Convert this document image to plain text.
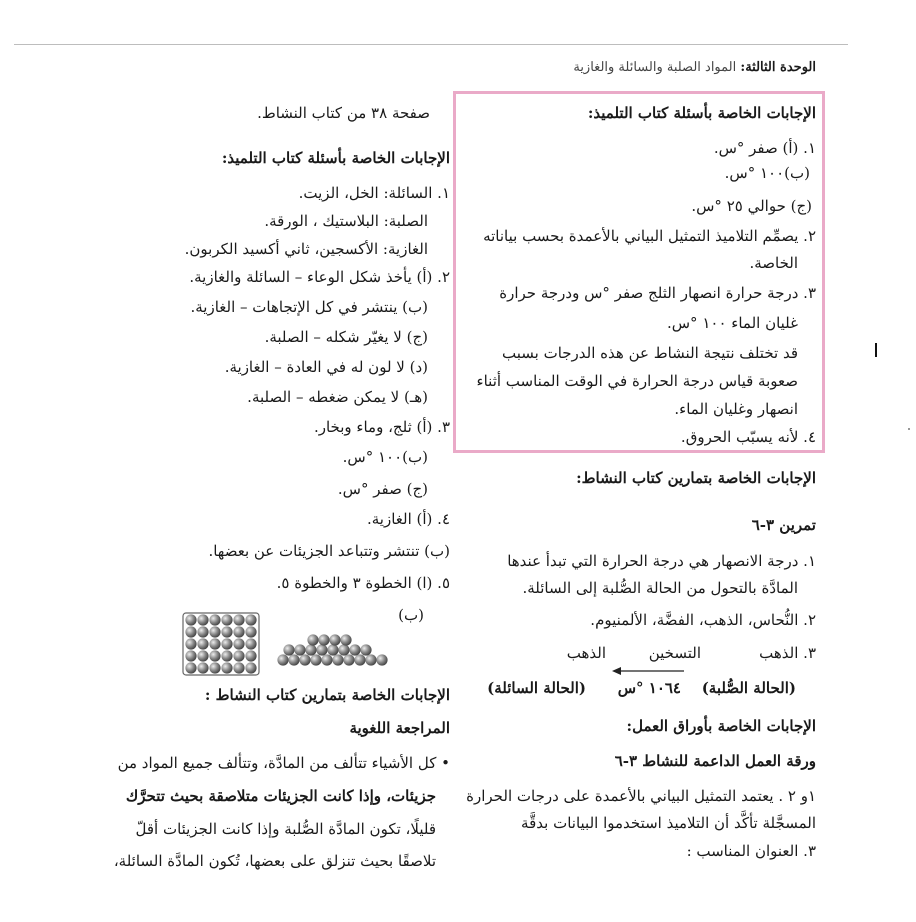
الوحدة الثالثة: المواد الصلبة والسائلة والغازية
الإجابات الخاصة بأسئلة كتاب التلميذ:
١. (أ) صفر °س.
(ب)١٠٠ °س.
(ج) حوالي ٢٥ °س.
٢. يصمِّم التلاميذ التمثيل البياني بالأعمدة بحسب بياناته
الخاصة.
٣. درجة حرارة انصهار الثلج صفر °س ودرجة حرارة
غليان الماء ١٠٠ °س.
قد تختلف نتيجة النشاط عن هذه الدرجات بسبب
صعوبة قياس درجة الحرارة في الوقت المناسب أثناء
انصهار وغليان الماء.
٤. لأنه يسبّب الحروق.
الإجابات الخاصة بتمارين كتاب النشاط:
تمرين ٣-٦
١. درجة الانصهار هي درجة الحرارة التي تبدأ عندها
المادَّة بالتحول من الحالة الصُّلبة إلى السائلة.
٢. النُّحاس، الذهب، الفضَّة، الألمنيوم.
٣. الذهب
التسخين
الذهب
(الحالة الصُّلبة)
١٠٦٤ °س
(الحالة السائلة)
الإجابات الخاصة بأوراق العمل:
ورقة العمل الداعمة للنشاط ٣-٦
١و ٢ . يعتمد التمثيل البياني بالأعمدة على درجات الحرارة
المسجَّلة تأكَّد أن التلاميذ استخدموا البيانات بدقَّة
٣. العنوان المناسب :
صفحة ٣٨ من كتاب النشاط.
الإجابات الخاصة بأسئلة كتاب التلميذ:
١. السائلة: الخل، الزيت.
الصلبة: البلاستيك ، الورقة.
الغازية: الأكسجين، ثاني أكسيد الكربون.
٢. (أ) يأخذ شكل الوعاء – السائلة والغازية.
(ب) ينتشر في كل الإتجاهات – الغازية.
(ج) لا يغيّر شكله – الصلبة.
(د) لا لون له في العادة – الغازية.
(هـ) لا يمكن ضغطه – الصلبة.
٣. (أ) ثلج، وماء وبخار.
(ب)١٠٠ °س.
(ج) صفر °س.
٤. (أ) الغازية.
(ب) تنتشر وتتباعد الجزيئات عن بعضها.
٥. (ا) الخطوة ٣ والخطوة ٥.
(ب)
الإجابات الخاصة بتمارين كتاب النشاط :
المراجعة اللغوية
• كل الأشياء تتألف من المادَّة، وتتألف جميع المواد من
جزيئات، وإذا كانت الجزيئات متلاصقة بحيث تتحرَّك
قليلًا، تكون المادَّة الصُّلبة وإذا كانت الجزيئات أقلّ
تلاصقًا بحيث تنزلق على بعضها، تُكون المادَّة السائلة،
